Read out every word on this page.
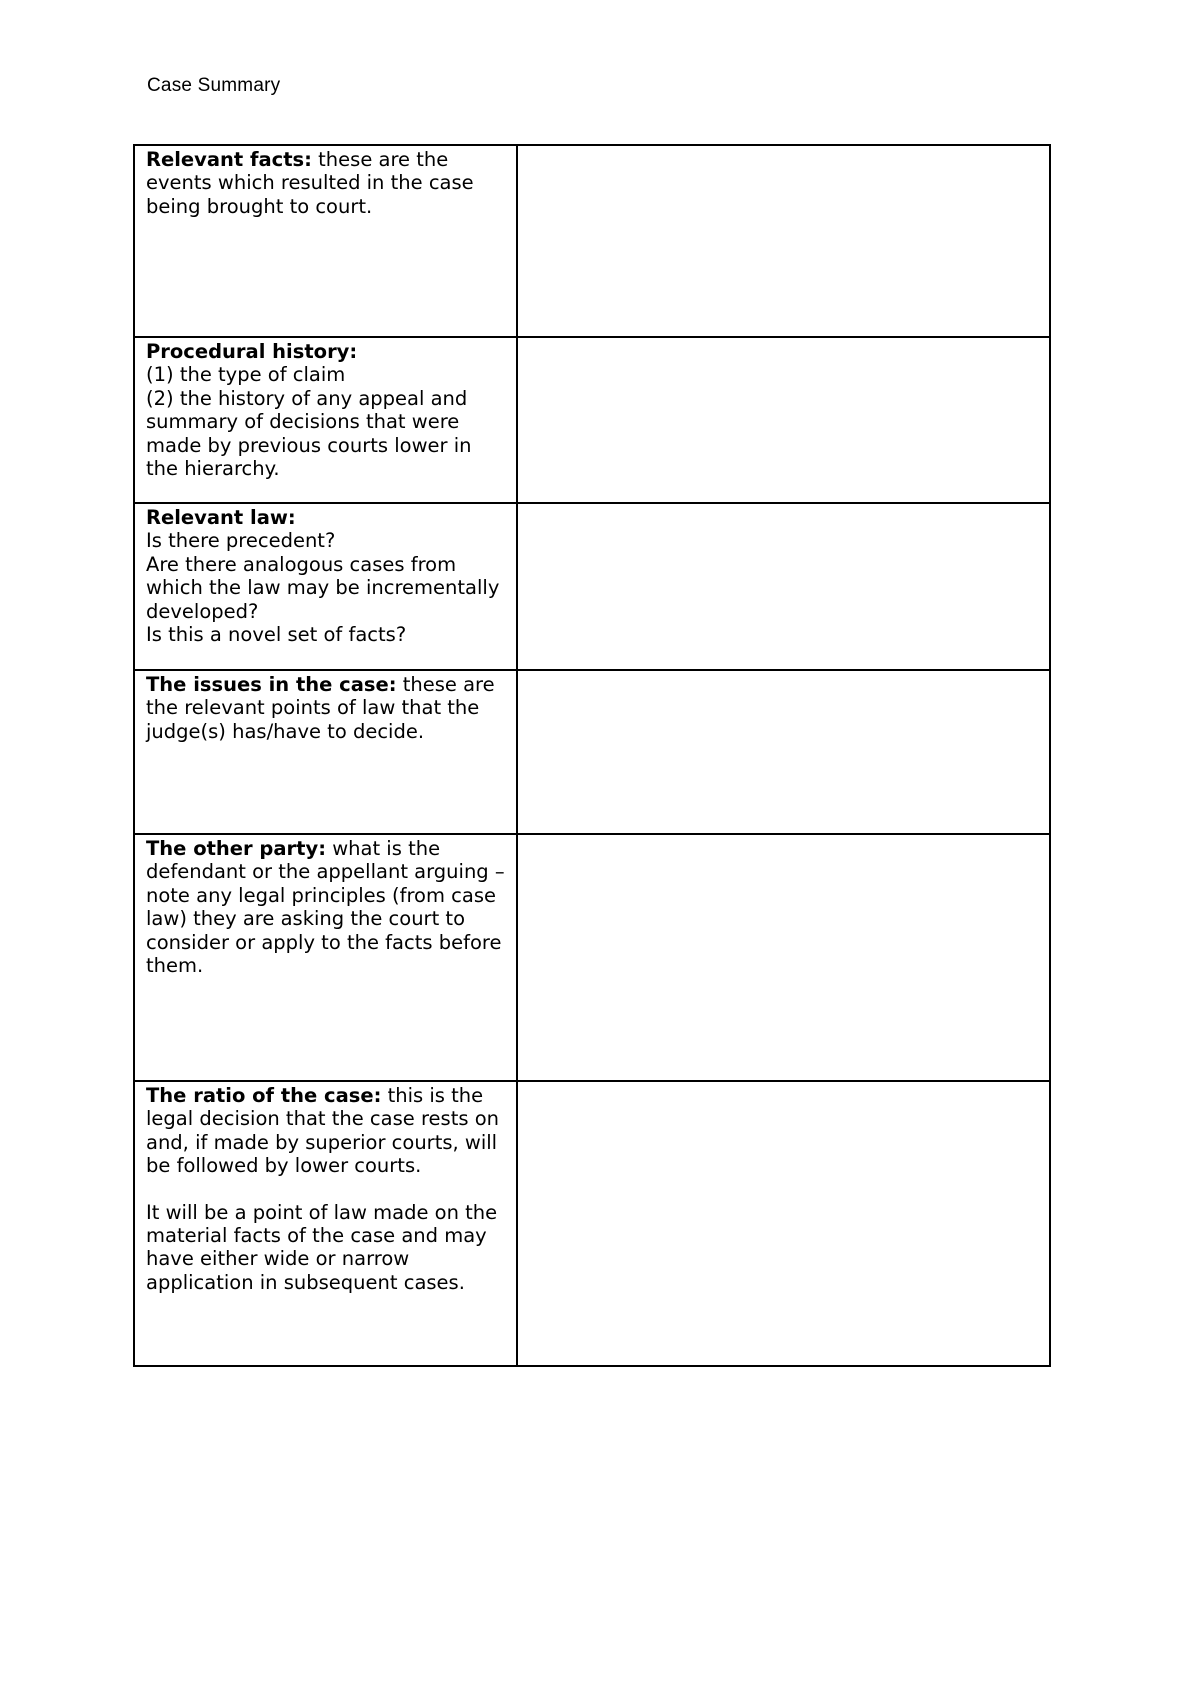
Case Summary
Relevant facts: these are the events which resulted in the case being brought to court.	

Procedural history:
(1) the type of claim
(2) the history of any appeal and summary of decisions that were made by previous courts lower in the hierarchy.	

Relevant law:
Is there precedent?
Are there analogous cases from which the law may be incrementally developed?
Is this a novel set of facts?	

The issues in the case: these are the relevant points of law that the judge(s) has/have to decide.	
The other party: what is the defendant or the appellant arguing – note any legal principles (from case law) they are asking the court to consider or apply to the facts before them.	
The ratio of the case: this is the legal decision that the case rests on and, if made by superior courts, will be followed by lower courts.
It will be a point of law made on the material facts of the case and may have either wide or narrow application in subsequent cases.	
